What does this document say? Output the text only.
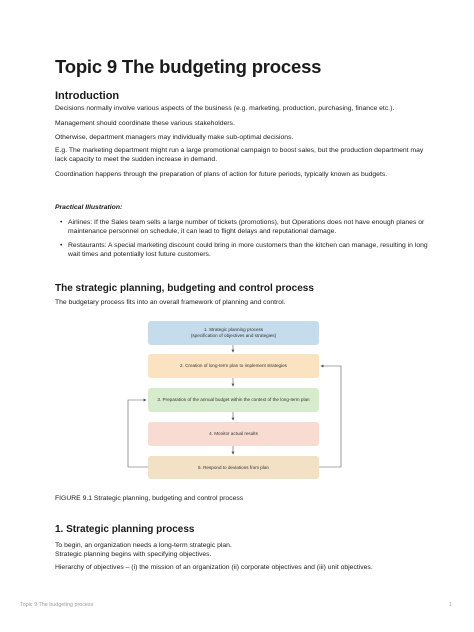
Topic 9 The budgeting process
Introduction
Decisions normally involve various aspects of the business (e.g. marketing, production, purchasing, finance etc.).
Management should coordinate these various stakeholders.
Otherwise, department managers may individually make sub-optimal decisions.
E.g. The marketing department might run a large promotional campaign to boost sales, but the production department may lack capacity to meet the sudden increase in demand.
Coordination happens through the preparation of plans of action for future periods, typically known as budgets.
Practical Illustration:
• Airlines: If the Sales team sells a large number of tickets (promotions), but Operations does not have enough planes or maintenance personnel on schedule, it can lead to flight delays and reputational damage.
• Restaurants: A special marketing discount could bring in more customers than the kitchen can manage, resulting in long wait times and potentially lost future customers.
The strategic planning, budgeting and control process
The budgetary process fits into an overall framework of planning and control.
1. Strategic planning process
(specification of objectives and strategies)
2. Creation of long-term plan to implement strategies
3. Preparation of the annual budget within the context of the long-term plan
4. Monitor actual results
5. Respond to deviations from plan
FIGURE 9.1 Strategic planning, budgeting and control process
1. Strategic planning process
To begin, an organization needs a long-term strategic plan.
Strategic planning begins with specifying objectives.
Hierarchy of objectives – (i) the mission of an organization (ii) corporate objectives and (iii) unit objectives.
Topic 9 The budgeting process	1
